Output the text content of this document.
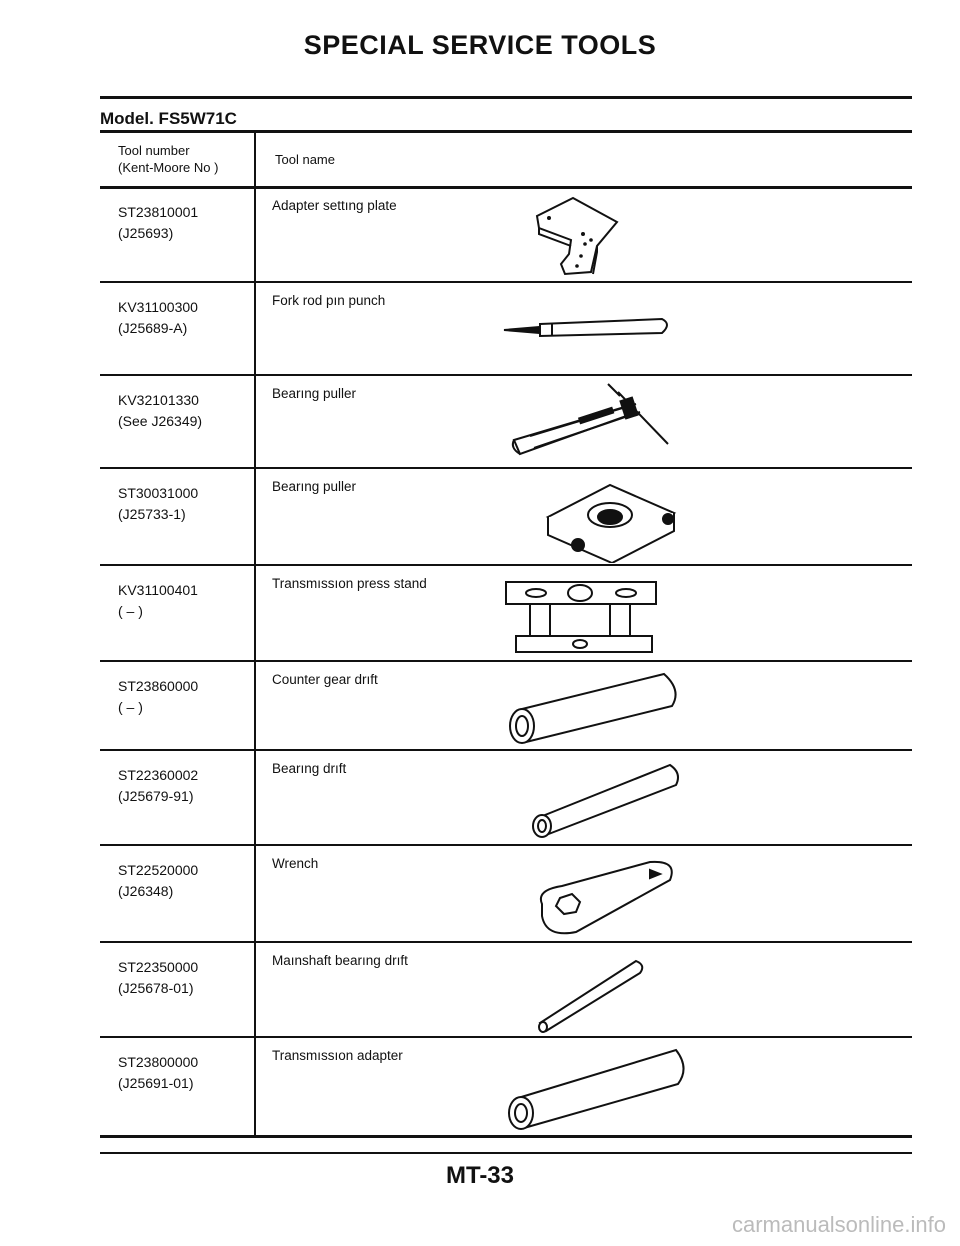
SPECIAL SERVICE TOOLS
Model. FS5W71C
Tool number
(Kent-Moore No )
Tool name
ST23810001
(J25693)
Adapter settıng plate
KV31100300
(J25689-A)
Fork rod pın punch
KV32101330
(See J26349)
Bearıng puller
ST30031000
(J25733-1)
Bearıng puller
KV31100401
( – )
Transmıssıon press stand
ST23860000
( – )
Counter gear drıft
ST22360002
(J25679-91)
Bearıng drıft
ST22520000
(J26348)
Wrench
ST22350000
(J25678-01)
Maınshaft bearıng drıft
ST23800000
(J25691-01)
Transmıssıon adapter
MT-33
carmanualsonline.info
